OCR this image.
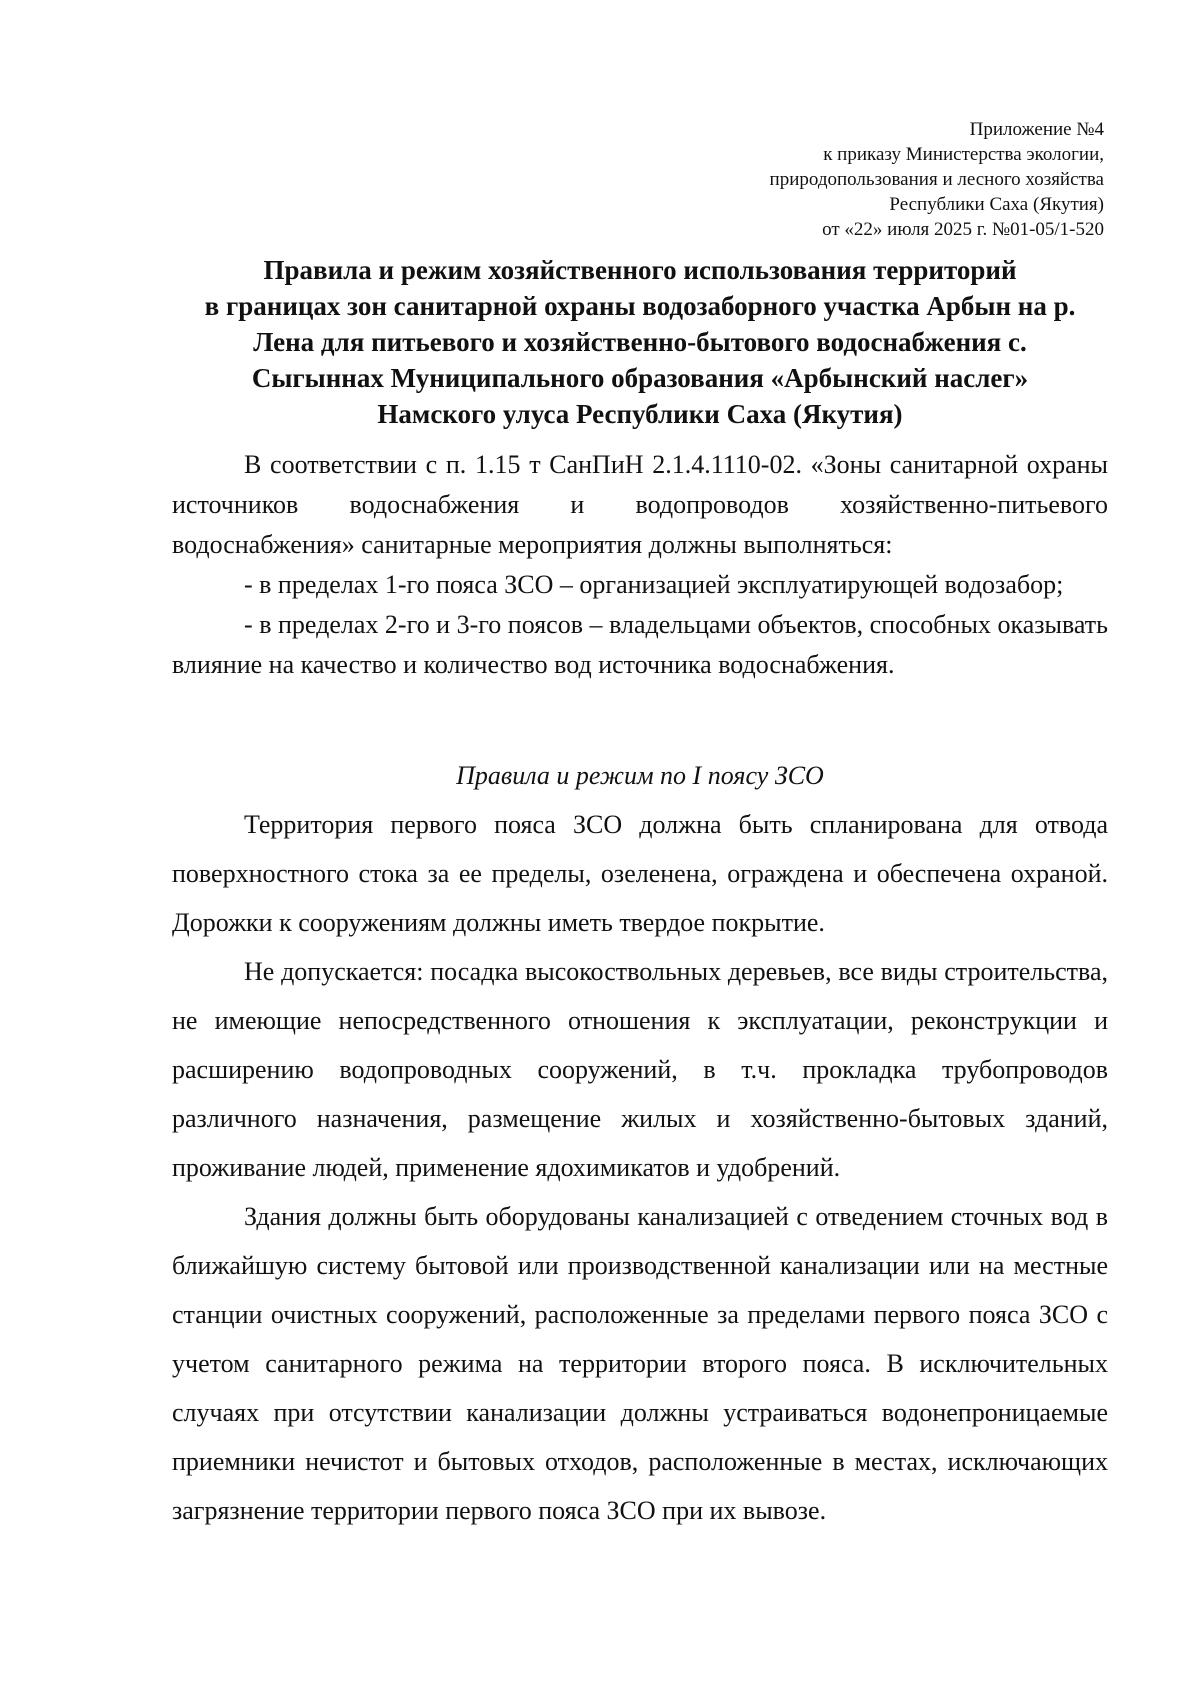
Приложение №4
к приказу Министерства экологии,
природопользования и лесного хозяйства
Республики Саха (Якутия)
от «22» июля 2025 г. №01-05/1-520
Правила и режим хозяйственного использования территорий
в границах зон санитарной охраны водозаборного участка Арбын на р.
Лена для питьевого и хозяйственно-бытового водоснабжения с.
Сыгыннах Муниципального образования «Арбынский наслег»
Намского улуса Республики Саха (Якутия)

В соответствии с п. 1.15 т СанПиН 2.1.4.1110-02. «Зоны санитарной охраны источников водоснабжения и водопроводов хозяйственно-питьевого водоснабжения» санитарные мероприятия должны выполняться:

- в пределах 1-го пояса ЗСО – организацией эксплуатирующей водозабор;

- в пределах 2-го и 3-го поясов – владельцами объектов, способных оказывать влияние на качество и количество вод источника водоснабжения.

Правила и режим по I поясу ЗСО

Территория первого пояса ЗСО должна быть спланирована для отвода поверхностного стока за ее пределы, озеленена, ограждена и обеспечена охраной. Дорожки к сооружениям должны иметь твердое покрытие.

Не допускается: посадка высокоствольных деревьев, все виды строительства, не имеющие непосредственного отношения к эксплуатации, реконструкции и расширению водопроводных сооружений, в т.ч. прокладка трубопроводов различного назначения, размещение жилых и хозяйственно-бытовых зданий, проживание людей, применение ядохимикатов и удобрений.

Здания должны быть оборудованы канализацией с отведением сточных вод в ближайшую систему бытовой или производственной канализации или на местные станции очистных сооружений, расположенные за пределами первого пояса ЗСО с учетом санитарного режима на территории второго пояса. В исключительных случаях при отсутствии канализации должны устраиваться водонепроницаемые приемники нечистот и бытовых отходов, расположенные в местах, исключающих загрязнение территории первого пояса ЗСО при их вывозе.
